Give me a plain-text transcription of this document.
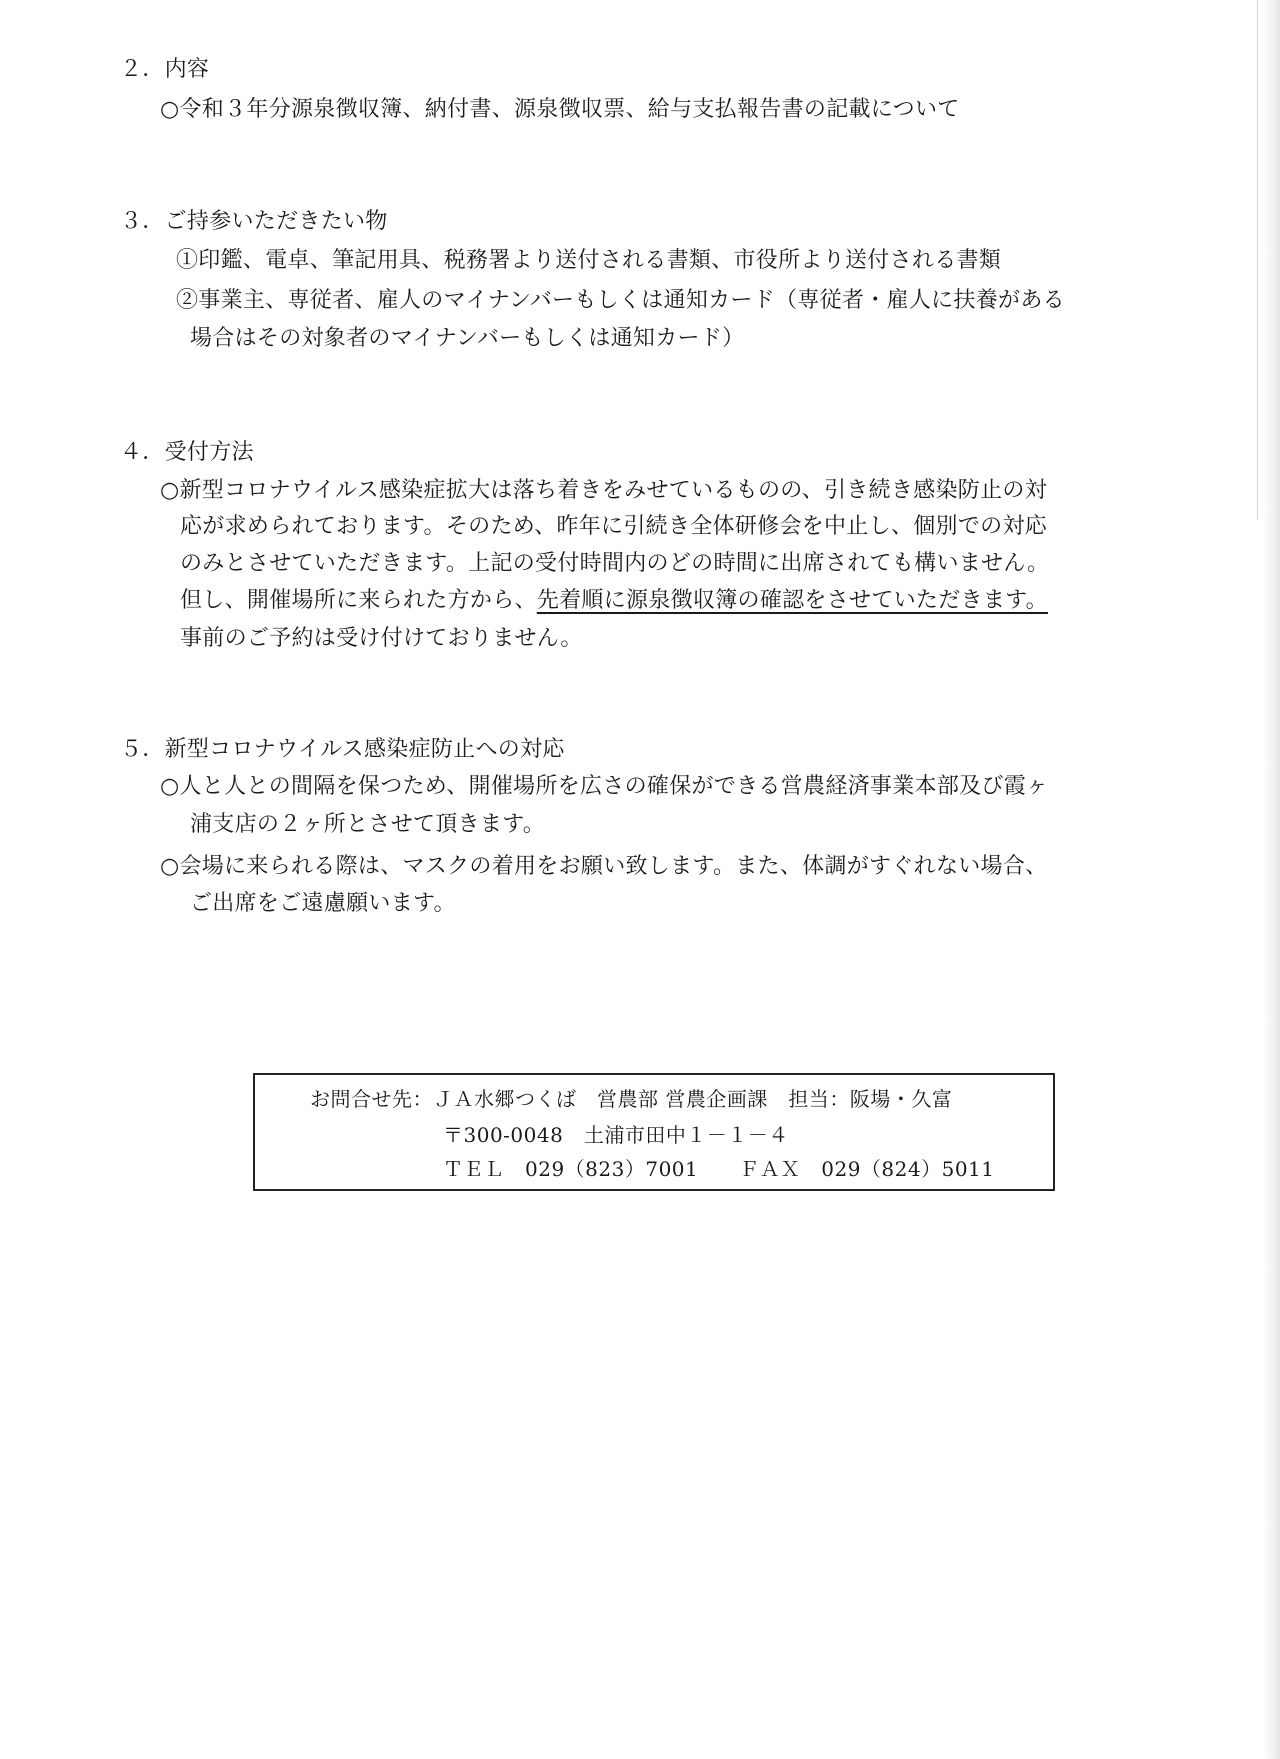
２．内容
○令和３年分源泉徴収簿、納付書、源泉徴収票、給与支払報告書の記載について
３．ご持参いただきたい物
①印鑑、電卓、筆記用具、税務署より送付される書類、市役所より送付される書類
②事業主、専従者、雇人のマイナンバーもしくは通知カード（専従者・雇人に扶養がある
場合はその対象者のマイナンバーもしくは通知カード）
４．受付方法
○新型コロナウイルス感染症拡大は落ち着きをみせているものの、引き続き感染防止の対
応が求められております。そのため、昨年に引続き全体研修会を中止し、個別での対応
のみとさせていただきます。上記の受付時間内のどの時間に出席されても構いません。
但し、開催場所に来られた方から、先着順に源泉徴収簿の確認をさせていただきます。
事前のご予約は受け付けておりません。
５．新型コロナウイルス感染症防止への対応
○人と人との間隔を保つため、開催場所を広さの確保ができる営農経済事業本部及び霞ヶ
浦支店の２ヶ所とさせて頂きます。
○会場に来られる際は、マスクの着用をお願い致します。また、体調がすぐれない場合、
ご出席をご遠慮願います。
お問合せ先：ＪＡ水郷つくば　営農部 営農企画課　担当：阪場・久富
〒300-0048　土浦市田中１－１－４
ＴＥＬ　029（823）7001　　ＦＡＸ　029（824）5011
